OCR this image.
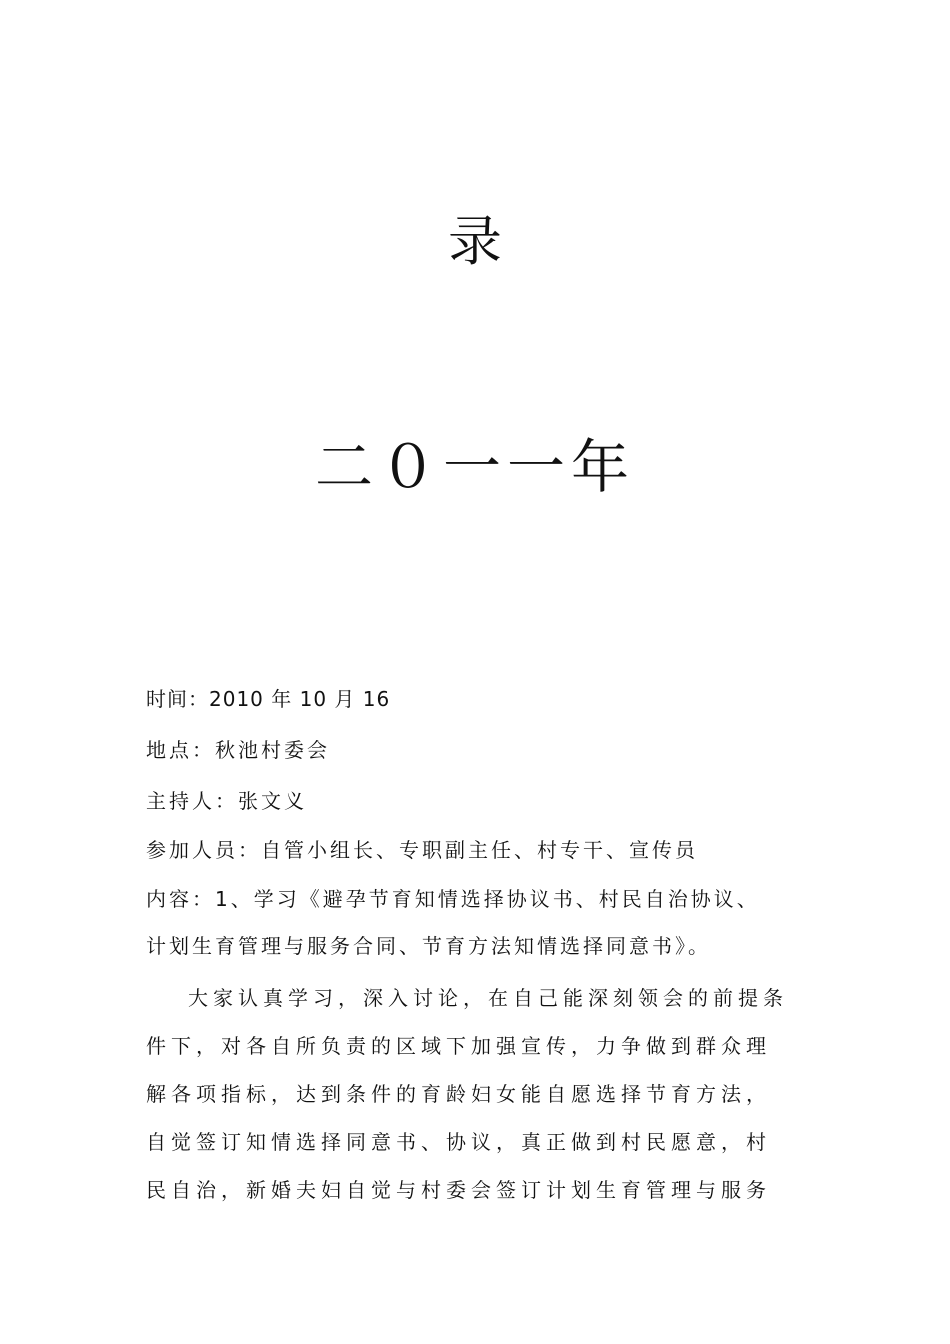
录
二０一一年
时间：2010 年 10 月 16
地点：秋池村委会
主持人：张文义
参加人员：自管小组长、专职副主任、村专干、宣传员
内容：1、学习《避孕节育知情选择协议书、村民自治协议、
计划生育管理与服务合同、节育方法知情选择同意书》。
大家认真学习，深入讨论，在自己能深刻领会的前提条
件下，对各自所负责的区域下加强宣传，力争做到群众理
解各项指标，达到条件的育龄妇女能自愿选择节育方法，
自觉签订知情选择同意书、协议，真正做到村民愿意，村
民自治，新婚夫妇自觉与村委会签订计划生育管理与服务
